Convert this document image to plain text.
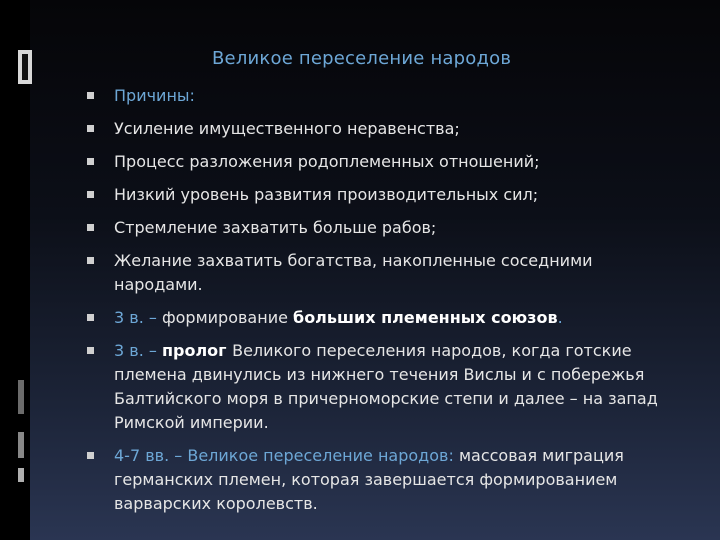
Великое переселение народов
Причины:
Усиление имущественного неравенства;
Процесс разложения родоплеменных отношений;
Низкий уровень развития производительных сил;
Стремление захватить больше рабов;
Желание захватить богатства, накопленные соседними народами.
3 в. – формирование больших племенных союзов.
3 в. – пролог Великого переселения народов, когда готские племена двинулись из нижнего течения Вислы и с побережья Балтийского моря в причерноморские степи и далее – на запад Римской империи.
4-7 вв. – Великое переселение народов: массовая миграция германских племен, которая завершается формированием варварских королевств.
